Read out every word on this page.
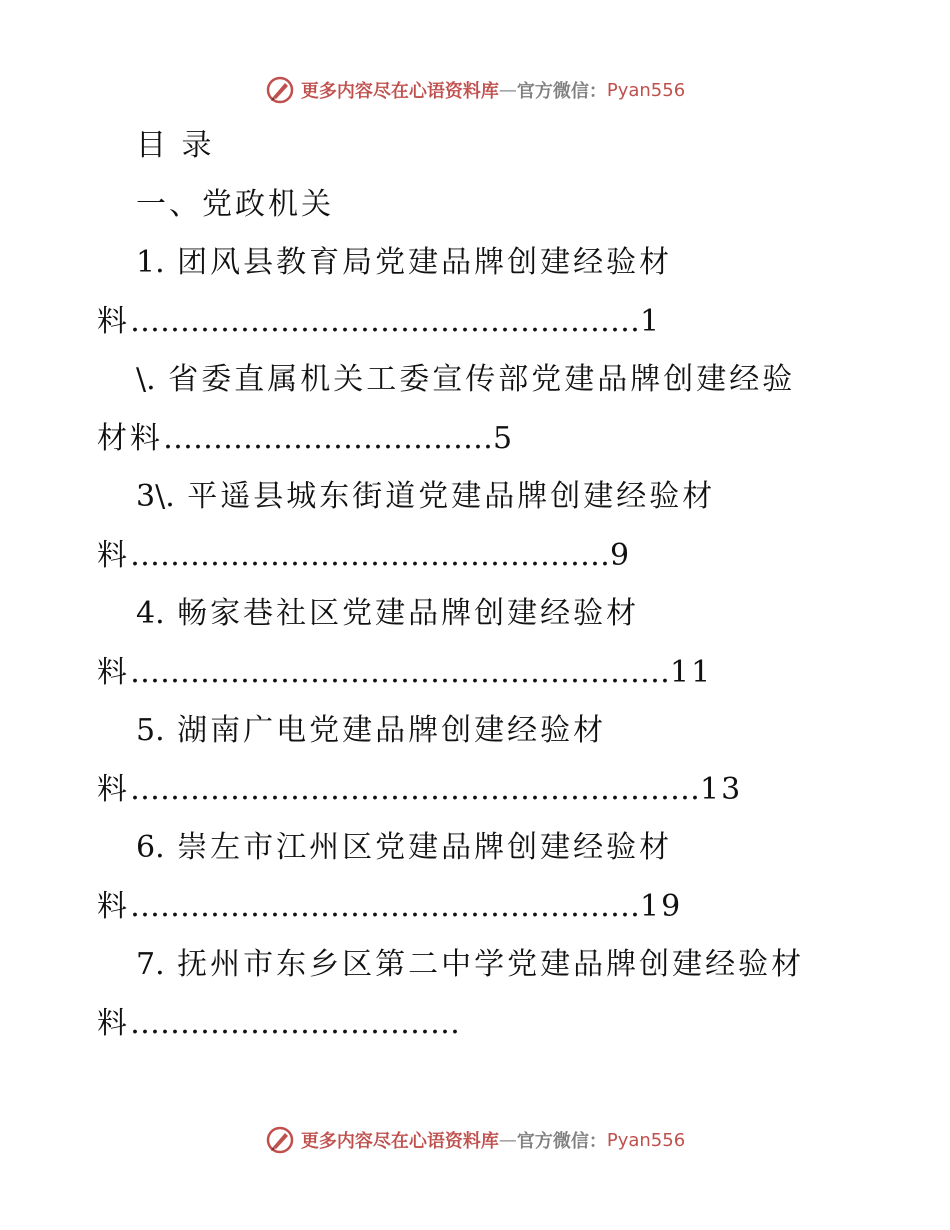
更多内容尽在心语资料库 — 官方微信： Pyan556
目 录
一、党政机关
1. 团风县教育局党建品牌创建经验材
料……………………………………………1
\. 省委直属机关工委宣传部党建品牌创建经验
材料……………………………5
3\. 平遥县城东街道党建品牌创建经验材
料…………………………………………9
4. 畅家巷社区党建品牌创建经验材
料………………………………………………11
5. 湖南广电党建品牌创建经验材
料…………………………………………………13
6. 崇左市江州区党建品牌创建经验材
料……………………………………………19
7. 抚州市东乡区第二中学党建品牌创建经验材
料……………………………
更多内容尽在心语资料库 — 官方微信： Pyan556
